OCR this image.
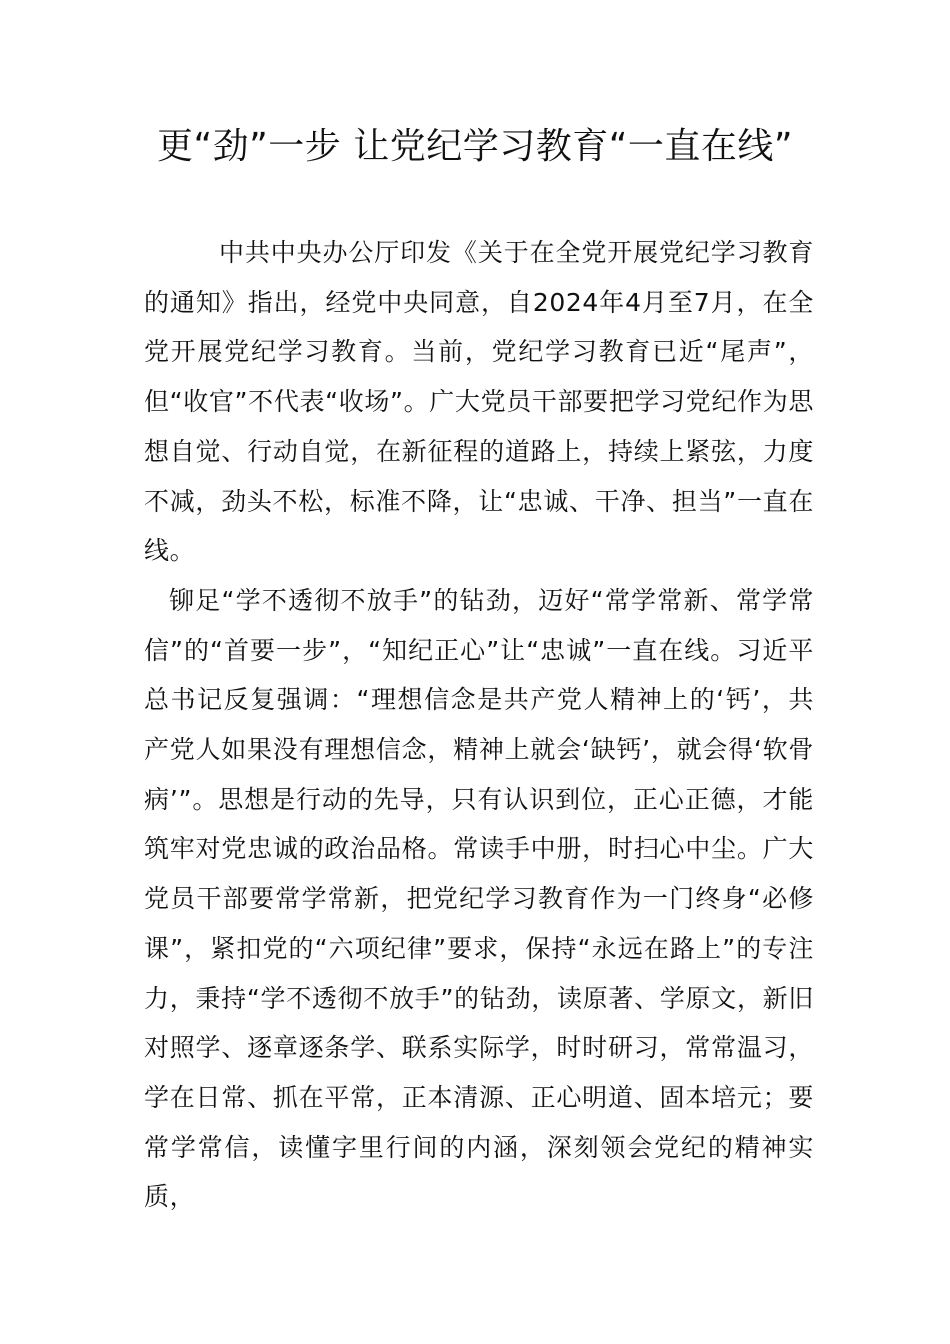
更“劲”一步 让党纪学习教育“一直在线”

中共中央办公厅印发《关于在全党开展党纪学习教育的通知》指出，经党中央同意，自2024年4月至7月，在全党开展党纪学习教育。当前，党纪学习教育已近“尾声”，但“收官”不代表“收场”。广大党员干部要把学习党纪作为思想自觉、行动自觉，在新征程的道路上，持续上紧弦，力度不减，劲头不松，标准不降，让“忠诚、干净、担当”一直在线。

铆足“学不透彻不放手”的钻劲，迈好“常学常新、常学常信”的“首要一步”，“知纪正心”让“忠诚”一直在线。习近平总书记反复强调：“理想信念是共产党人精神上的‘钙’，共产党人如果没有理想信念，精神上就会‘缺钙’，就会得‘软骨病’”。思想是行动的先导，只有认识到位，正心正德，才能筑牢对党忠诚的政治品格。常读手中册，时扫心中尘。广大党员干部要常学常新，把党纪学习教育作为一门终身“必修课”，紧扣党的“六项纪律”要求，保持“永远在路上”的专注力，秉持“学不透彻不放手”的钻劲，读原著、学原文，新旧对照学、逐章逐条学、联系实际学，时时研习，常常温习，学在日常、抓在平常，正本清源、正心明道、固本培元；要常学常信，读懂字里行间的内涵，深刻领会党纪的精神实质，
